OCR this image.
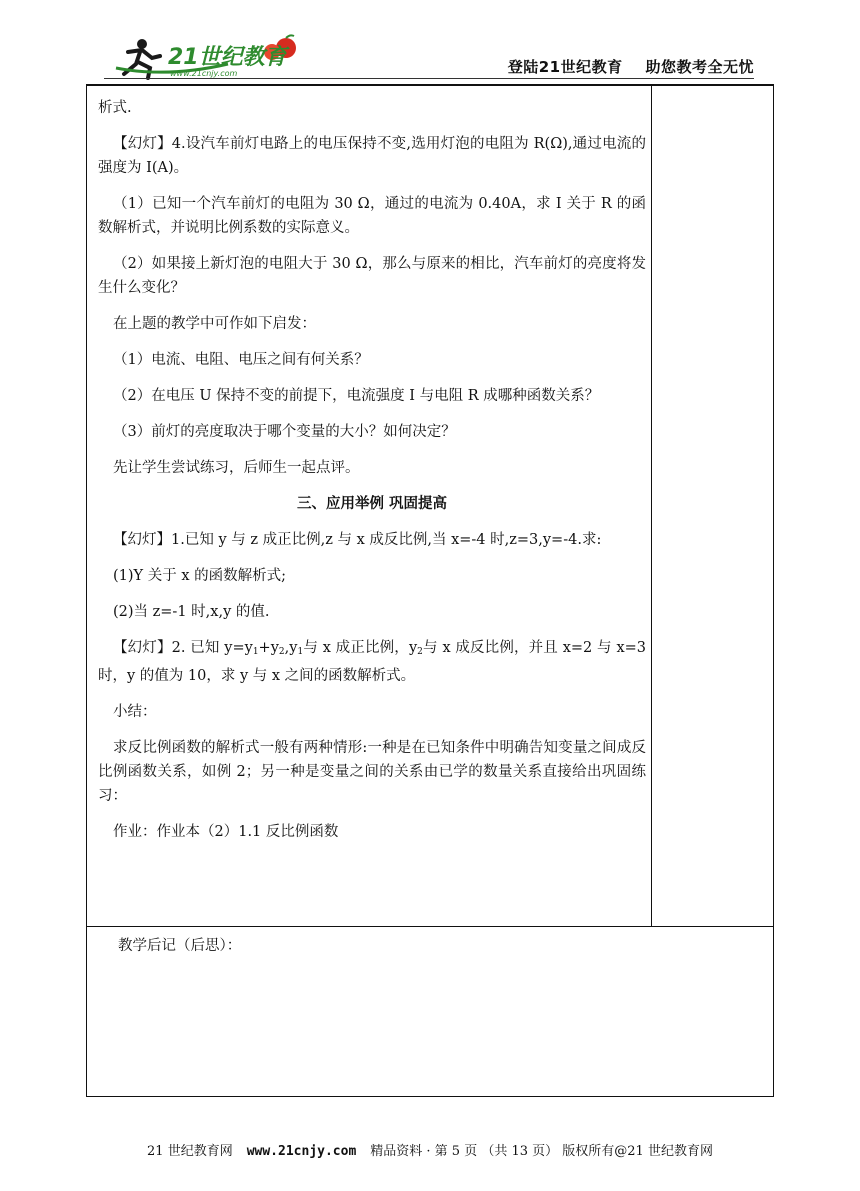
21世纪教育
www.21cnjy.com	登陆21世纪教育    助您教考全无忧

析式.

【幻灯】4.设汽车前灯电路上的电压保持不变,选用灯泡的电阻为 R(Ω),通过电流的强度为 I(A)。

（1）已知一个汽车前灯的电阻为 30 Ω，通过的电流为 0.40A，求 I 关于 R 的函数解析式，并说明比例系数的实际意义。

（2）如果接上新灯泡的电阻大于 30 Ω，那么与原来的相比，汽车前灯的亮度将发生什么变化？

在上题的教学中可作如下启发：

（1）电流、电阻、电压之间有何关系？

（2）在电压 U 保持不变的前提下，电流强度 I 与电阻 R 成哪种函数关系？

（3）前灯的亮度取决于哪个变量的大小？如何决定？

先让学生尝试练习，后师生一起点评。

三、应用举例 巩固提高

【幻灯】1.已知 y 与 z 成正比例,z 与 x 成反比例,当 x=-4 时,z=3,y=-4.求:

(1)Y 关于 x 的函数解析式;

(2)当 z=-1 时,x,y 的值.

【幻灯】2. 已知 $y=y_1+y_2,y_1$与 x 成正比例，$y_2$与 x 成反比例，并且 x=2 与 x=3 时，y 的值为 10，求 y 与 x 之间的函数解析式。

小结：

求反比例函数的解析式一般有两种情形:一种是在已知条件中明确告知变量之间成反比例函数关系，如例 2；另一种是变量之间的关系由已学的数量关系直接给出巩固练习：

作业：作业本（2）1.1 反比例函数

教学后记（后思）：
21 世纪教育网 www.21cnjy.com 精品资料 · 第 5 页 （共 13 页） 版权所有@21 世纪教育网
